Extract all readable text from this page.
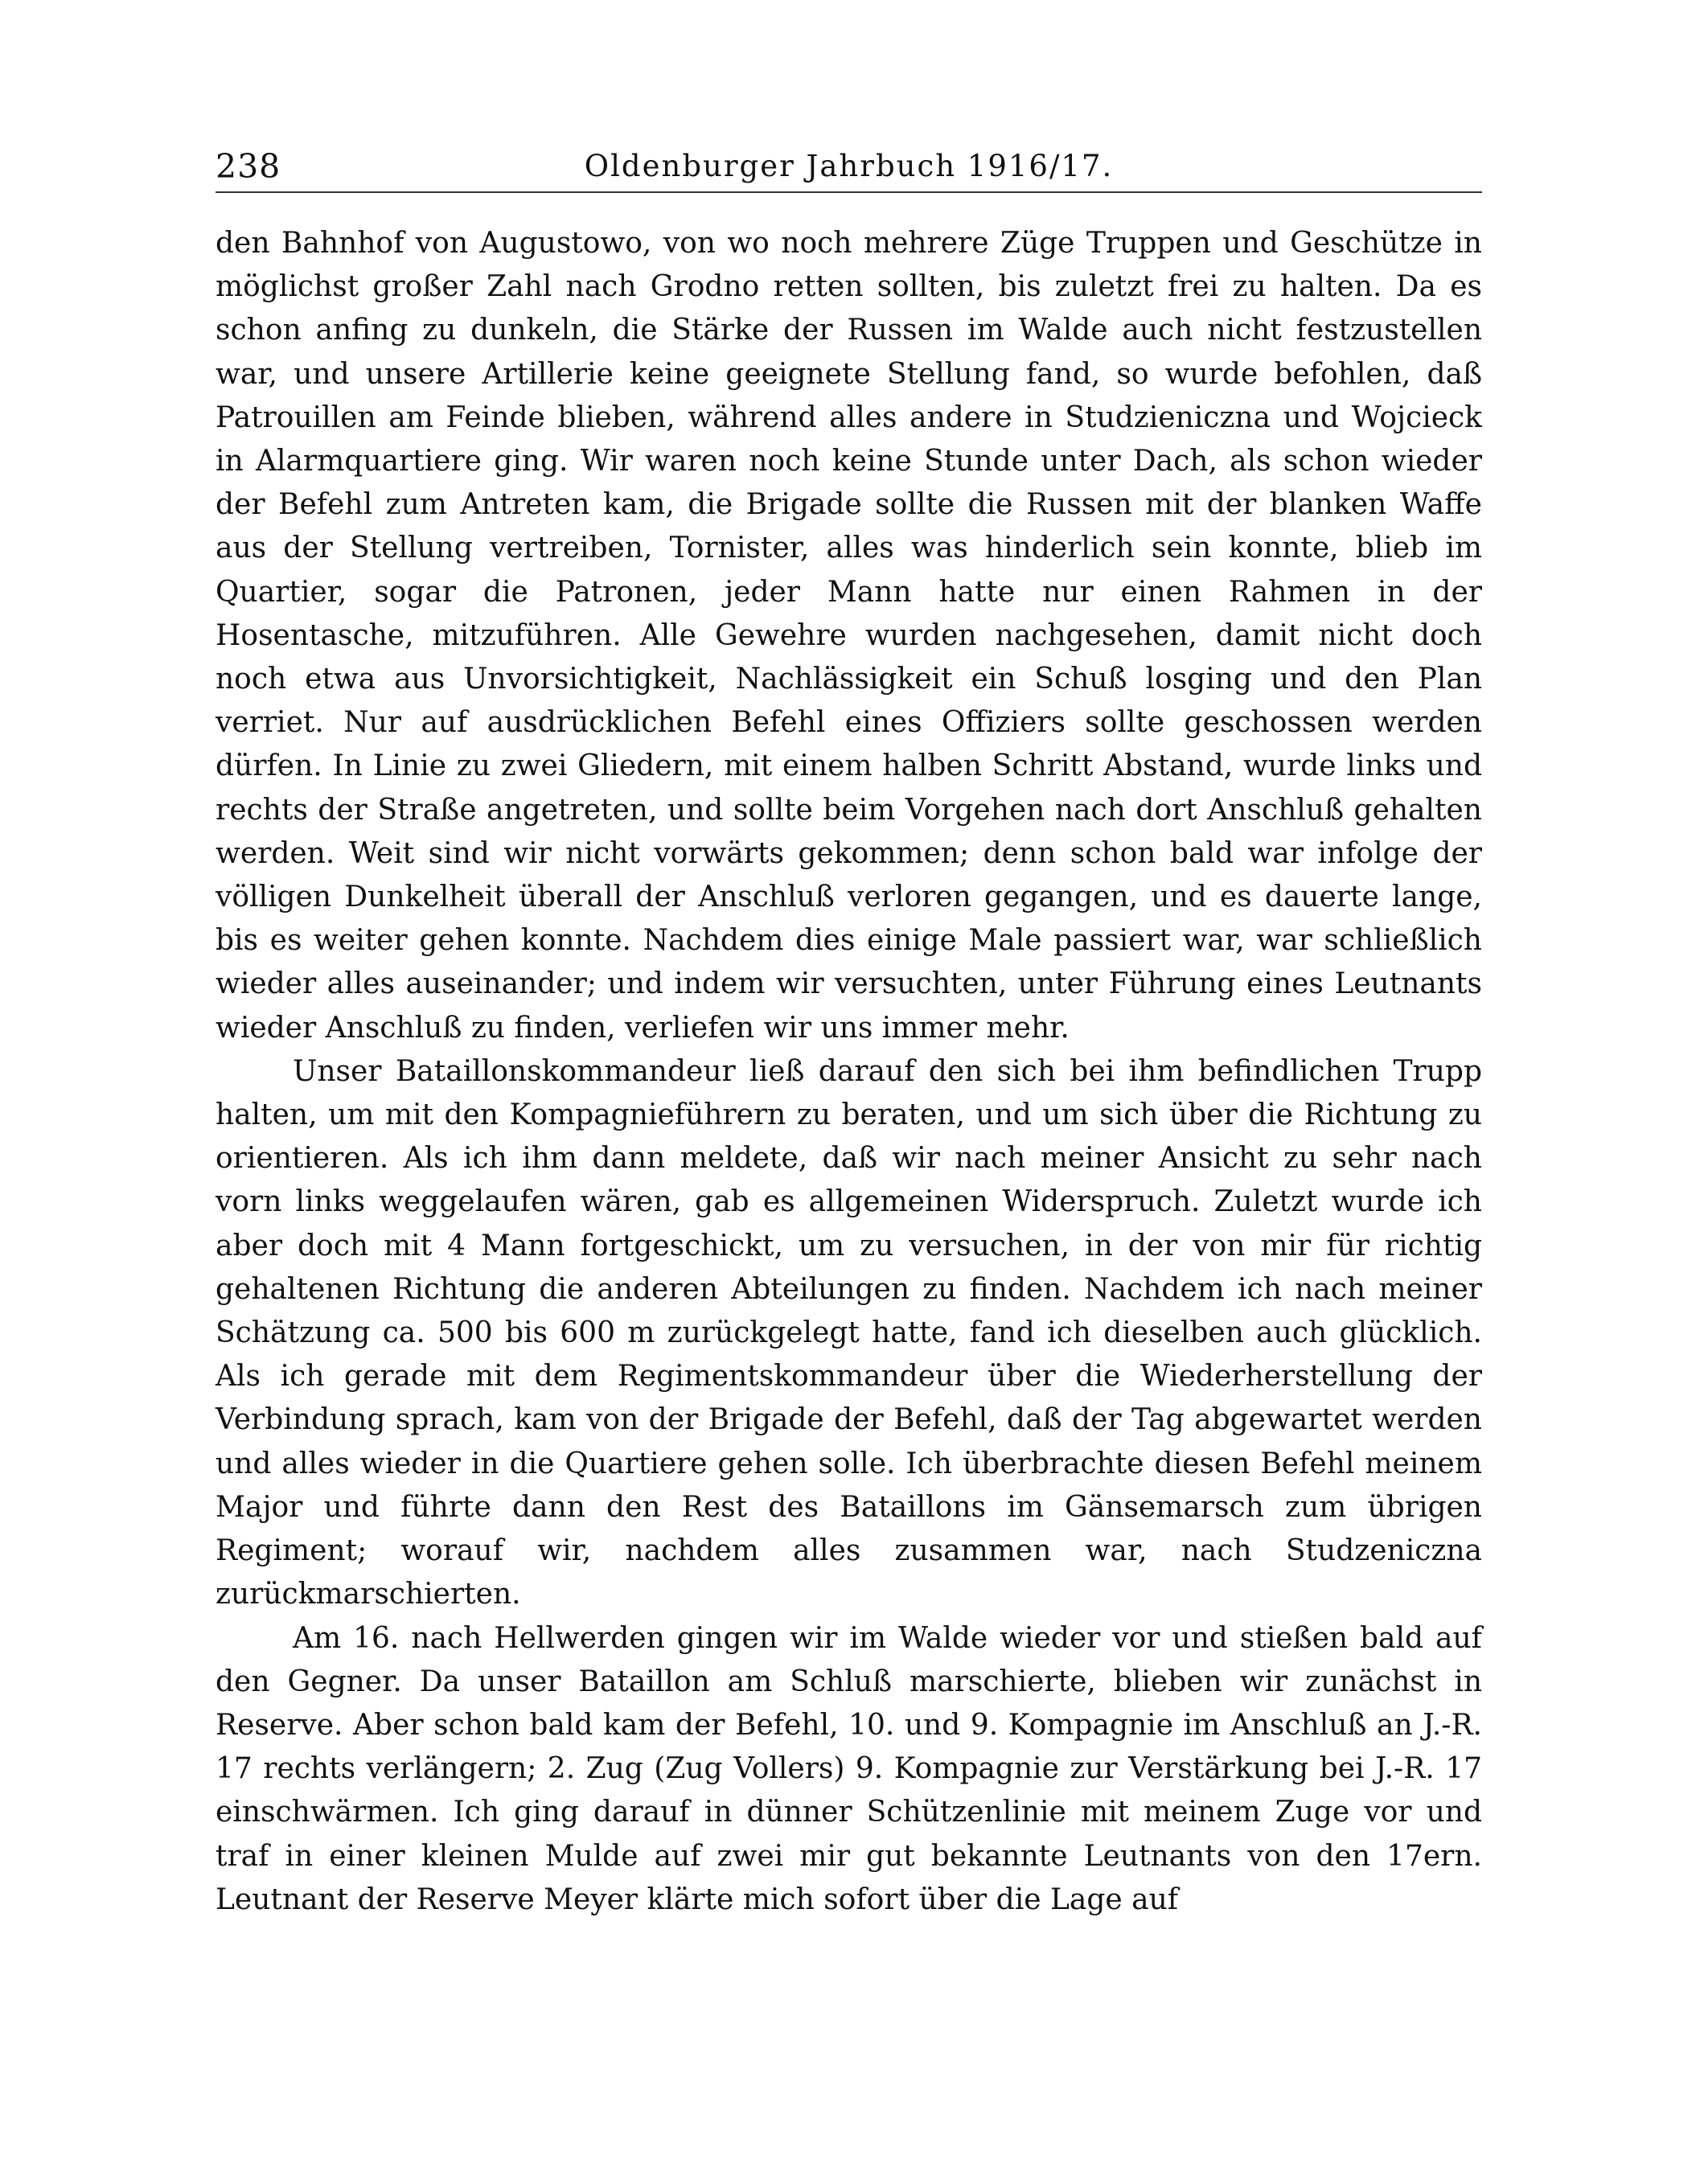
238	Oldenburger Jahrbuch 1916/17.

den Bahnhof von Augustowo, von wo noch mehrere Züge Truppen und Geschütze in möglichst großer Zahl nach Grodno retten sollten, bis zuletzt frei zu halten. Da es schon anfing zu dunkeln, die Stärke der Russen im Walde auch nicht festzustellen war, und unsere Artillerie keine geeignete Stellung fand, so wurde befohlen, daß Patrouillen am Feinde blieben, während alles andere in Studzieniczna und Wojcieck in Alarmquartiere ging. Wir waren noch keine Stunde unter Dach, als schon wieder der Befehl zum Antreten kam, die Brigade sollte die Russen mit der blanken Waffe aus der Stellung vertreiben, Tornister, alles was hinderlich sein konnte, blieb im Quartier, sogar die Patronen, jeder Mann hatte nur einen Rahmen in der Hosentasche, mitzuführen. Alle Gewehre wurden nachgesehen, damit nicht doch noch etwa aus Unvorsichtigkeit, Nachlässigkeit ein Schuß losging und den Plan verriet. Nur auf ausdrücklichen Befehl eines Offiziers sollte geschossen werden dürfen. In Linie zu zwei Gliedern, mit einem halben Schritt Abstand, wurde links und rechts der Straße angetreten, und sollte beim Vorgehen nach dort Anschluß gehalten werden. Weit sind wir nicht vorwärts gekommen; denn schon bald war infolge der völligen Dunkelheit überall der Anschluß verloren gegangen, und es dauerte lange, bis es weiter gehen konnte. Nachdem dies einige Male passiert war, war schließlich wieder alles auseinander; und indem wir versuchten, unter Führung eines Leutnants wieder Anschluß zu finden, verliefen wir uns immer mehr.

Unser Bataillonskommandeur ließ darauf den sich bei ihm befindlichen Trupp halten, um mit den Kompagnieführern zu beraten, und um sich über die Richtung zu orientieren. Als ich ihm dann meldete, daß wir nach meiner Ansicht zu sehr nach vorn links weggelaufen wären, gab es allgemeinen Widerspruch. Zuletzt wurde ich aber doch mit 4 Mann fortgeschickt, um zu versuchen, in der von mir für richtig gehaltenen Richtung die anderen Abteilungen zu finden. Nachdem ich nach meiner Schätzung ca. 500 bis 600 m zurückgelegt hatte, fand ich dieselben auch glücklich. Als ich gerade mit dem Regimentskommandeur über die Wiederherstellung der Verbindung sprach, kam von der Brigade der Befehl, daß der Tag abgewartet werden und alles wieder in die Quartiere gehen solle. Ich überbrachte diesen Befehl meinem Major und führte dann den Rest des Bataillons im Gänsemarsch zum übrigen Regiment; worauf wir, nachdem alles zusammen war, nach Studzeniczna zurückmarschierten.

Am 16. nach Hellwerden gingen wir im Walde wieder vor und stießen bald auf den Gegner. Da unser Bataillon am Schluß marschierte, blieben wir zunächst in Reserve. Aber schon bald kam der Befehl, 10. und 9. Kompagnie im Anschluß an J.-R. 17 rechts verlängern; 2. Zug (Zug Vollers) 9. Kompagnie zur Verstärkung bei J.-R. 17 einschwärmen. Ich ging darauf in dünner Schützenlinie mit meinem Zuge vor und traf in einer kleinen Mulde auf zwei mir gut bekannte Leutnants von den 17ern. Leutnant der Reserve Meyer klärte mich sofort über die Lage auf
